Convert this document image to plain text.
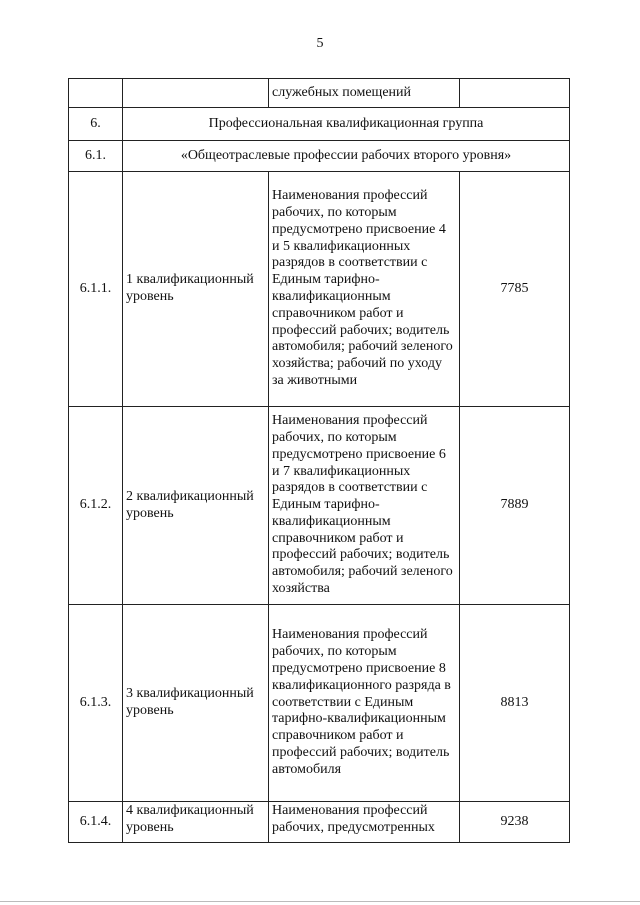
5
		служебных помещений	
6.	Профессиональная квалификационная группа		
6.1.	«Общеотраслевые профессии рабочих второго уровня»		
6.1.1.	1 квалификационный уровень	Наименования профессий рабочих, по которым предусмотрено присвоение 4 и 5 квалификационных разрядов в соответствии с Единым тарифно-квалификационным справочником работ и профессий рабочих; водитель автомобиля; рабочий зеленого хозяйства; рабочий по уходу за животными	7785
6.1.2.	2 квалификационный уровень	Наименования профессий рабочих, по которым предусмотрено присвоение 6 и 7 квалификационных разрядов в соответствии с Единым тарифно-квалификационным справочником работ и профессий рабочих; водитель автомобиля; рабочий зеленого хозяйства	7889
6.1.3.	3 квалификационный уровень	Наименования профессий рабочих, по которым предусмотрено присвоение 8 квалификационного разряда в соответствии с Единым тарифно-квалификационным справочником работ и профессий рабочих; водитель автомобиля	8813
6.1.4.	4 квалификационный уровень	Наименования профессий рабочих, предусмотренных	9238
